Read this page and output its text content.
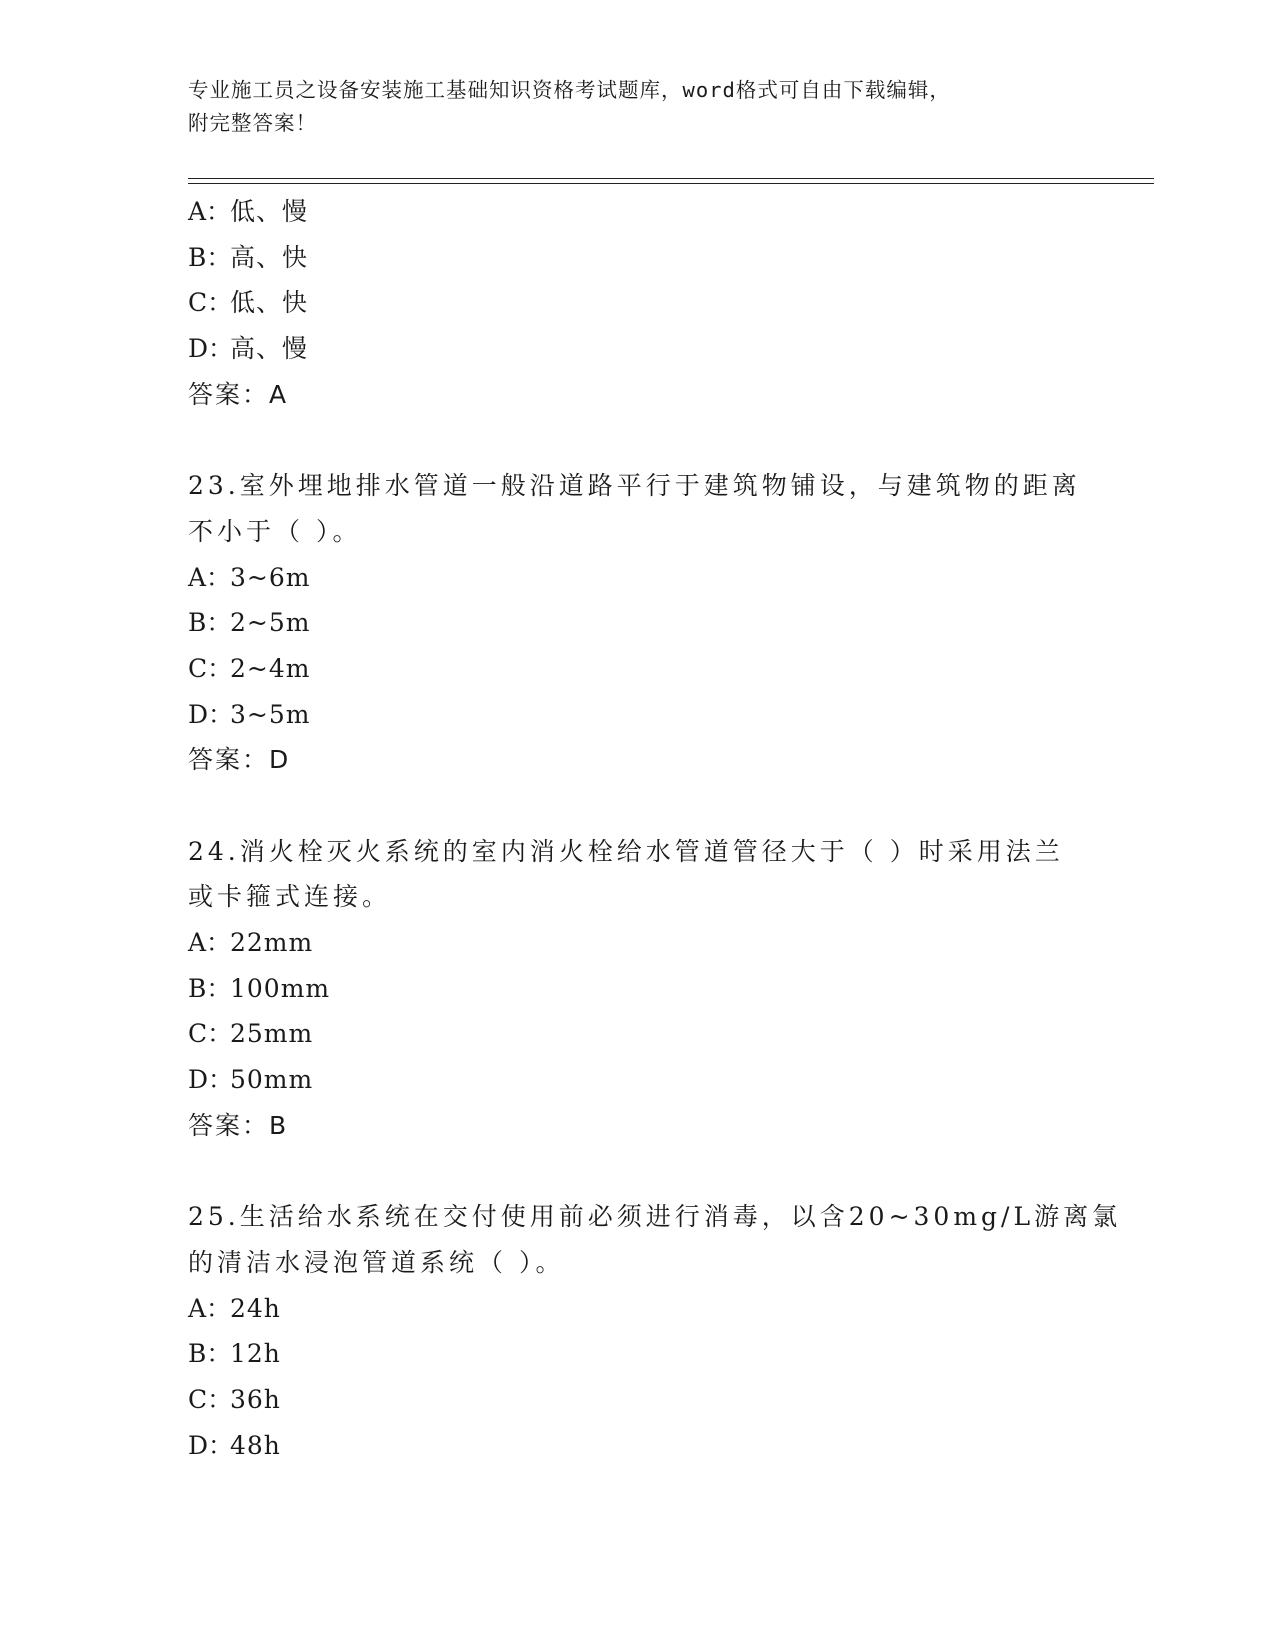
专业施工员之设备安装施工基础知识资格考试题库，word格式可自由下载编辑，
附完整答案！
A：低、慢
B：高、快
C：低、快
D：高、慢
答案：A
23.室外埋地排水管道一般沿道路平行于建筑物铺设，与建筑物的距离
不小于（ ）。
A：3~6m
B：2~5m
C：2~4m
D：3~5m
答案：D
24.消火栓灭火系统的室内消火栓给水管道管径大于（ ）时采用法兰
或卡箍式连接。
A：22mm
B：100mm
C：25mm
D：50mm
答案：B
25.生活给水系统在交付使用前必须进行消毒，以含20~30mg/L游离氯
的清洁水浸泡管道系统（ ）。
A：24h
B：12h
C：36h
D：48h
